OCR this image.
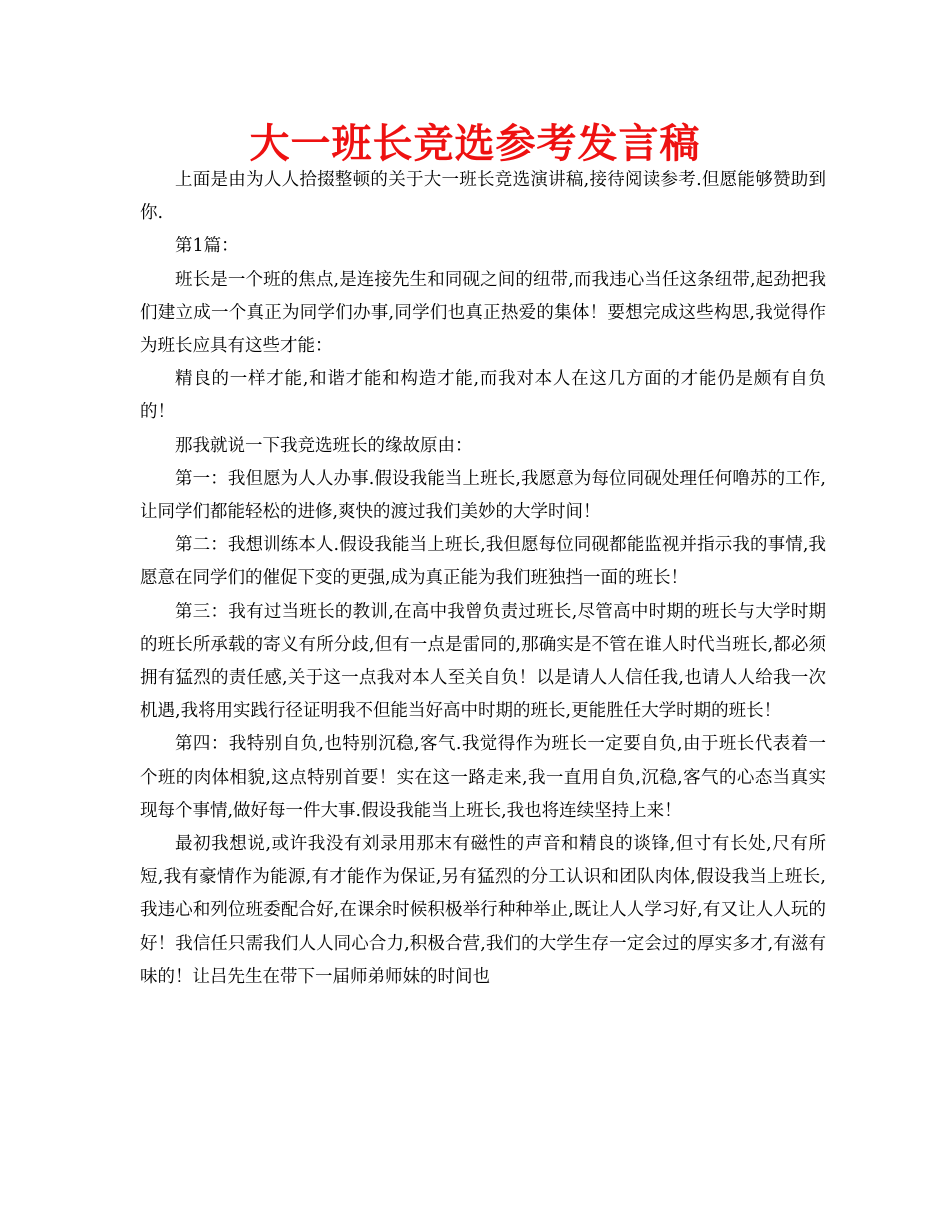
大一班长竞选参考发言稿

上面是由为人人拾掇整顿的关于大一班长竞选演讲稿,接待阅读参考.但愿能够赞助到你.

第1篇：

班长是一个班的焦点,是连接先生和同砚之间的纽带,而我违心当任这条纽带,起劲把我们建立成一个真正为同学们办事,同学们也真正热爱的集体！要想完成这些构思,我觉得作为班长应具有这些才能：

精良的一样才能,和谐才能和构造才能,而我对本人在这几方面的才能仍是颇有自负的！

那我就说一下我竞选班长的缘故原由：

第一：我但愿为人人办事.假设我能当上班长,我愿意为每位同砚处理任何噜苏的工作,让同学们都能轻松的进修,爽快的渡过我们美妙的大学时间！

第二：我想训练本人.假设我能当上班长,我但愿每位同砚都能监视并指示我的事情,我愿意在同学们的催促下变的更强,成为真正能为我们班独挡一面的班长！

第三：我有过当班长的教训,在高中我曾负责过班长,尽管高中时期的班长与大学时期的班长所承载的寄义有所分歧,但有一点是雷同的,那确实是不管在谁人时代当班长,都必须拥有猛烈的责任感,关于这一点我对本人至关自负！以是请人人信任我,也请人人给我一次机遇,我将用实践行径证明我不但能当好高中时期的班长,更能胜任大学时期的班长！

第四：我特别自负,也特别沉稳,客气.我觉得作为班长一定要自负,由于班长代表着一个班的肉体相貌,这点特别首要！实在这一路走来,我一直用自负,沉稳,客气的心态当真实现每个事情,做好每一件大事.假设我能当上班长,我也将连续坚持上来！

最初我想说,或许我没有刘录用那末有磁性的声音和精良的谈锋,但寸有长处,尺有所短,我有豪情作为能源,有才能作为保证,另有猛烈的分工认识和团队肉体,假设我当上班长,我违心和列位班委配合好,在课余时候积极举行种种举止,既让人人学习好,有又让人人玩的好！我信任只需我们人人同心合力,积极合营,我们的大学生存一定会过的厚实多才,有滋有味的！让吕先生在带下一届师弟师妹的时间也
